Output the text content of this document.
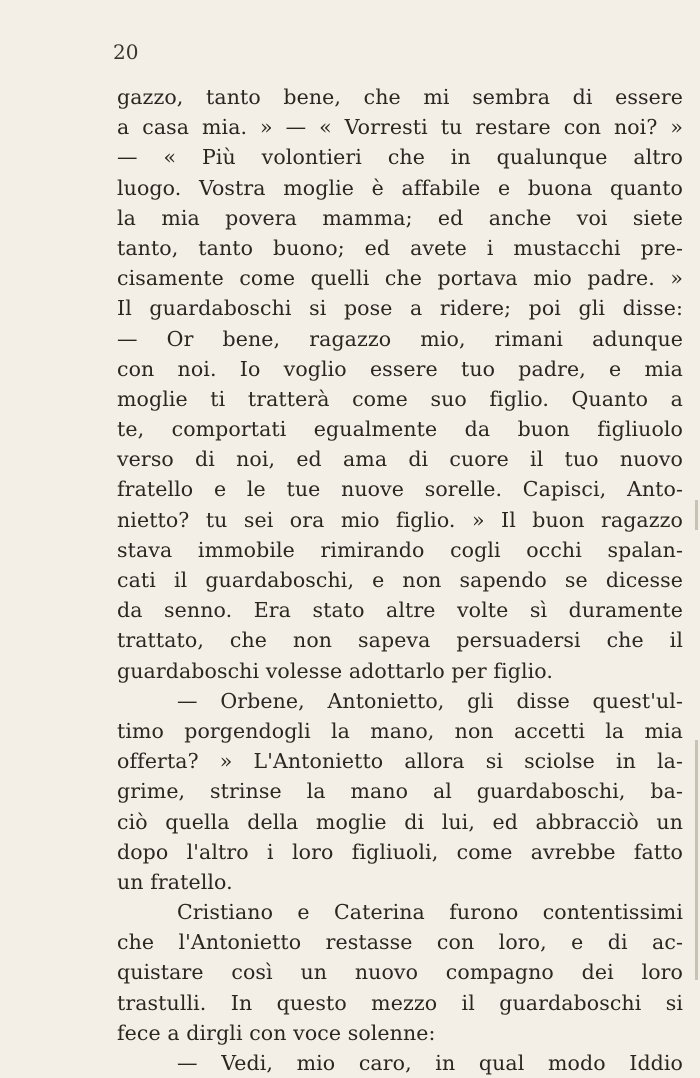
20
gazzo, tanto bene, che mi sembra di essere
a casa mia. » — « Vorresti tu restare con noi? »
— « Più volontieri che in qualunque altro
luogo. Vostra moglie è affabile e buona quanto
la mia povera mamma; ed anche voi siete
tanto, tanto buono; ed avete i mustacchi pre-
cisamente come quelli che portava mio padre. »
Il guardaboschi si pose a ridere; poi gli disse:
— Or bene, ragazzo mio, rimani adunque
con noi. Io voglio essere tuo padre, e mia
moglie ti tratterà come suo figlio. Quanto a
te, comportati egualmente da buon figliuolo
verso di noi, ed ama di cuore il tuo nuovo
fratello e le tue nuove sorelle. Capisci, Anto-
nietto? tu sei ora mio figlio. » Il buon ragazzo
stava immobile rimirando cogli occhi spalan-
cati il guardaboschi, e non sapendo se dicesse
da senno. Era stato altre volte sì duramente
trattato, che non sapeva persuadersi che il
guardaboschi volesse adottarlo per figlio.
— Orbene, Antonietto, gli disse quest'ul-
timo porgendogli la mano, non accetti la mia
offerta? » L'Antonietto allora si sciolse in la-
grime, strinse la mano al guardaboschi, ba-
ciò quella della moglie di lui, ed abbracciò un
dopo l'altro i loro figliuoli, come avrebbe fatto
un fratello.
Cristiano e Caterina furono contentissimi
che l'Antonietto restasse con loro, e di ac-
quistare così un nuovo compagno dei loro
trastulli. In questo mezzo il guardaboschi si
fece a dirgli con voce solenne:
— Vedi, mio caro, in qual modo Iddio
